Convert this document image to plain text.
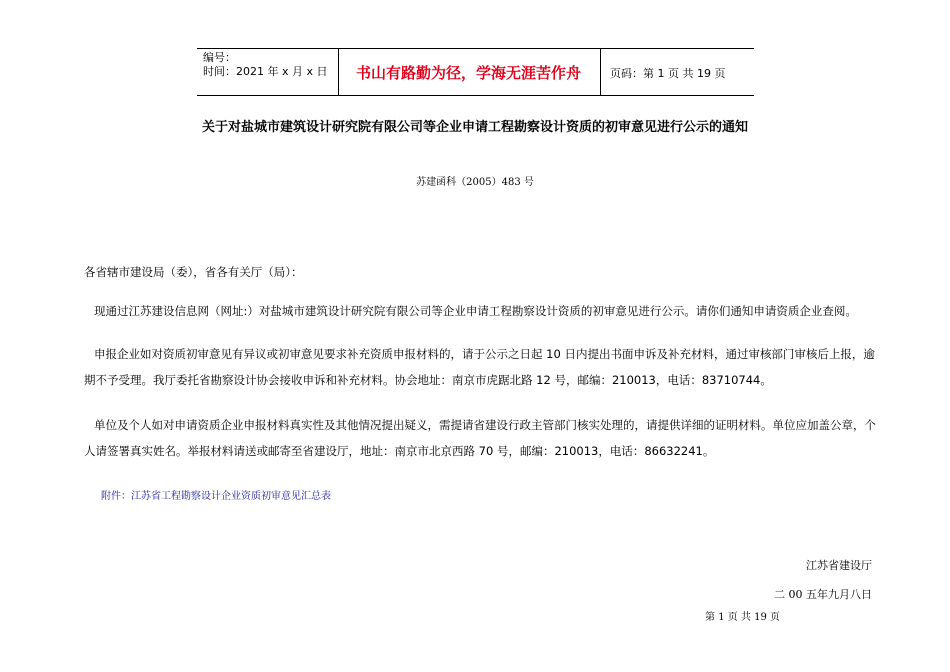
编号：
时间：2021 年 x 月 x 日	书山有路勤为径，学海无涯苦作舟	页码：第 1 页 共 19 页
关于对盐城市建筑设计研究院有限公司等企业申请工程勘察设计资质的初审意见进行公示的通知
苏建函科（2005）483 号
各省辖市建设局（委），省各有关厅（局）：
现通过江苏建设信息网（网址:）对盐城市建筑设计研究院有限公司等企业申请工程勘察设计资质的初审意见进行公示。请你们通知申请资质企业查阅。
申报企业如对资质初审意见有异议或初审意见要求补充资质申报材料的，请于公示之日起 10 日内提出书面申诉及补充材料，通过审核部门审核后上报，逾期不予受理。我厅委托省勘察设计协会接收申诉和补充材料。协会地址：南京市虎踞北路 12 号，邮编：210013，电话：83710744。
单位及个人如对申请资质企业申报材料真实性及其他情况提出疑义，需提请省建设行政主管部门核实处理的，请提供详细的证明材料。单位应加盖公章，个人请签署真实姓名。举报材料请送或邮寄至省建设厅，地址：南京市北京西路 70 号，邮编：210013，电话：86632241。
附件：江苏省工程勘察设计企业资质初审意见汇总表
江苏省建设厅
二 00 五年九月八日
第 1 页 共 19 页
